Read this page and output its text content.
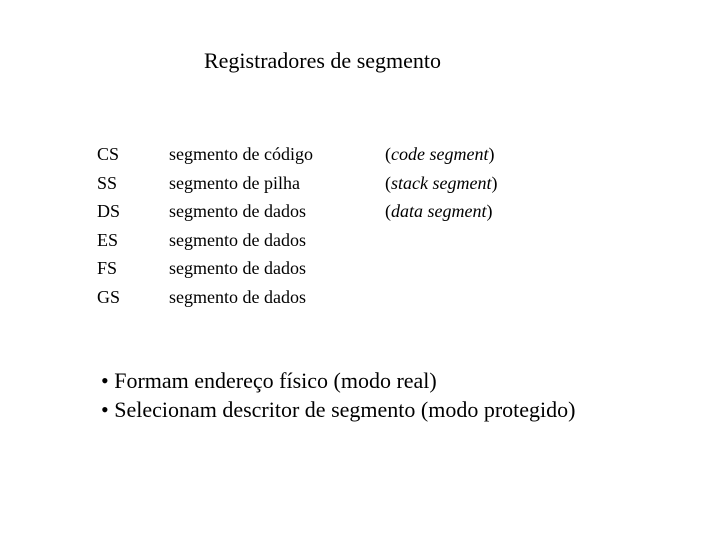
Registradores de segmento
CS	segmento de código	(code segment)
SS	segmento de pilha	(stack segment)
DS	segmento de dados	(data segment)
ES	segmento de dados
FS	segmento de dados
GS	segmento de dados
• Formam endereço físico (modo real)
• Selecionam descritor de segmento (modo protegido)
